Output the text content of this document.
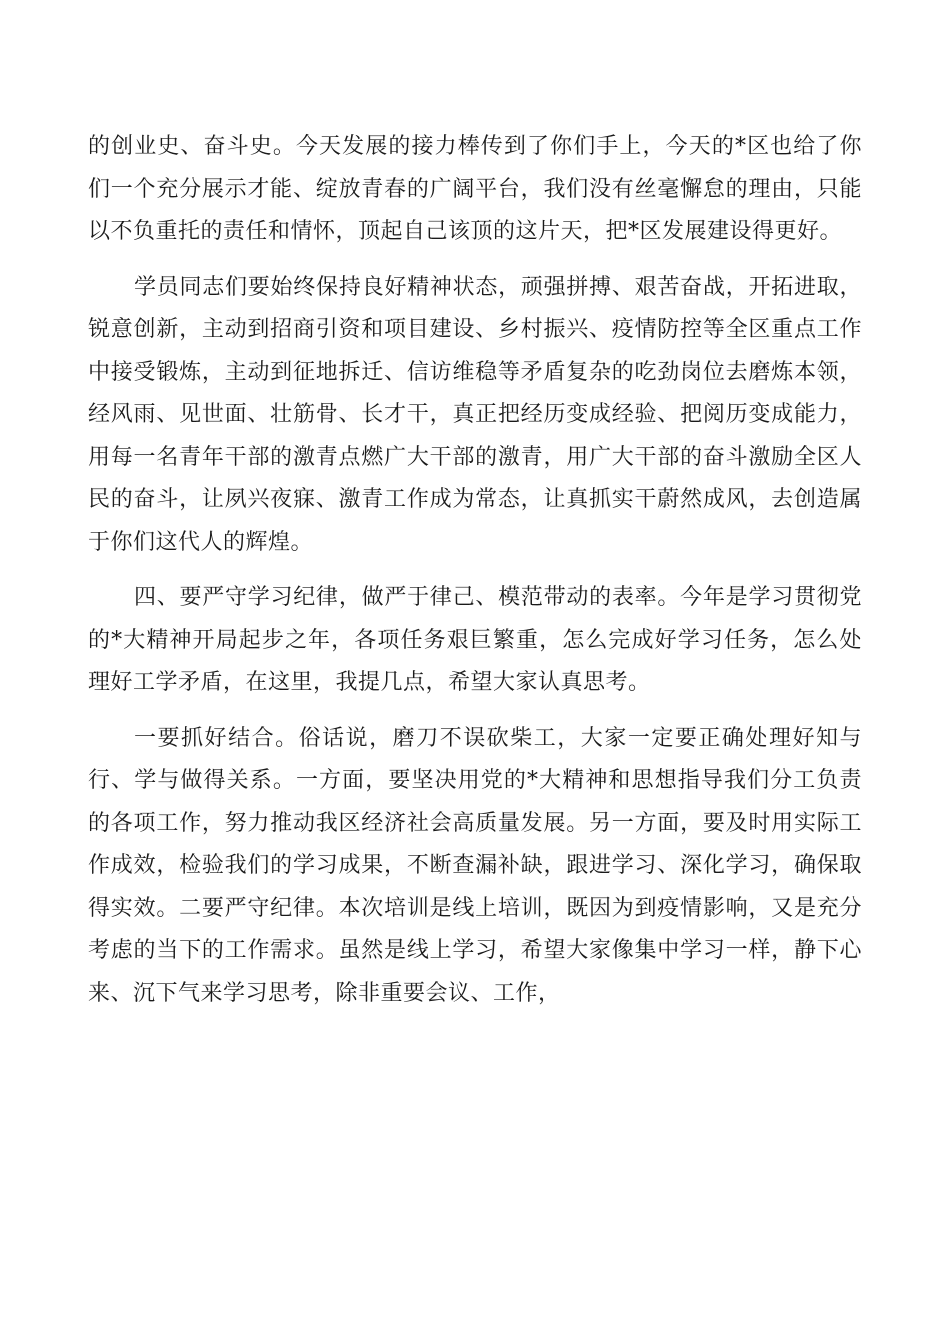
的创业史、奋斗史。今天发展的接力棒传到了你们手上，今天的*区也给了你们一个充分展示才能、绽放青春的广阔平台，我们没有丝毫懈怠的理由，只能以不负重托的责任和情怀，顶起自己该顶的这片天，把*区发展建设得更好。

学员同志们要始终保持良好精神状态，顽强拼搏、艰苦奋战，开拓进取，锐意创新，主动到招商引资和项目建设、乡村振兴、疫情防控等全区重点工作中接受锻炼，主动到征地拆迁、信访维稳等矛盾复杂的吃劲岗位去磨炼本领，经风雨、见世面、壮筋骨、长才干，真正把经历变成经验、把阅历变成能力，用每一名青年干部的激青点燃广大干部的激青，用广大干部的奋斗激励全区人民的奋斗，让夙兴夜寐、激青工作成为常态，让真抓实干蔚然成风，去创造属于你们这代人的辉煌。

四、要严守学习纪律，做严于律己、模范带动的表率。今年是学习贯彻党的*大精神开局起步之年，各项任务艰巨繁重，怎么完成好学习任务，怎么处理好工学矛盾，在这里，我提几点，希望大家认真思考。

一要抓好结合。俗话说，磨刀不误砍柴工，大家一定要正确处理好知与行、学与做得关系。一方面，要坚决用党的*大精神和思想指导我们分工负责的各项工作，努力推动我区经济社会高质量发展。另一方面，要及时用实际工作成效，检验我们的学习成果，不断查漏补缺，跟进学习、深化学习，确保取得实效。二要严守纪律。本次培训是线上培训，既因为到疫情影响，又是充分考虑的当下的工作需求。虽然是线上学习，希望大家像集中学习一样，静下心来、沉下气来学习思考，除非重要会议、工作，
